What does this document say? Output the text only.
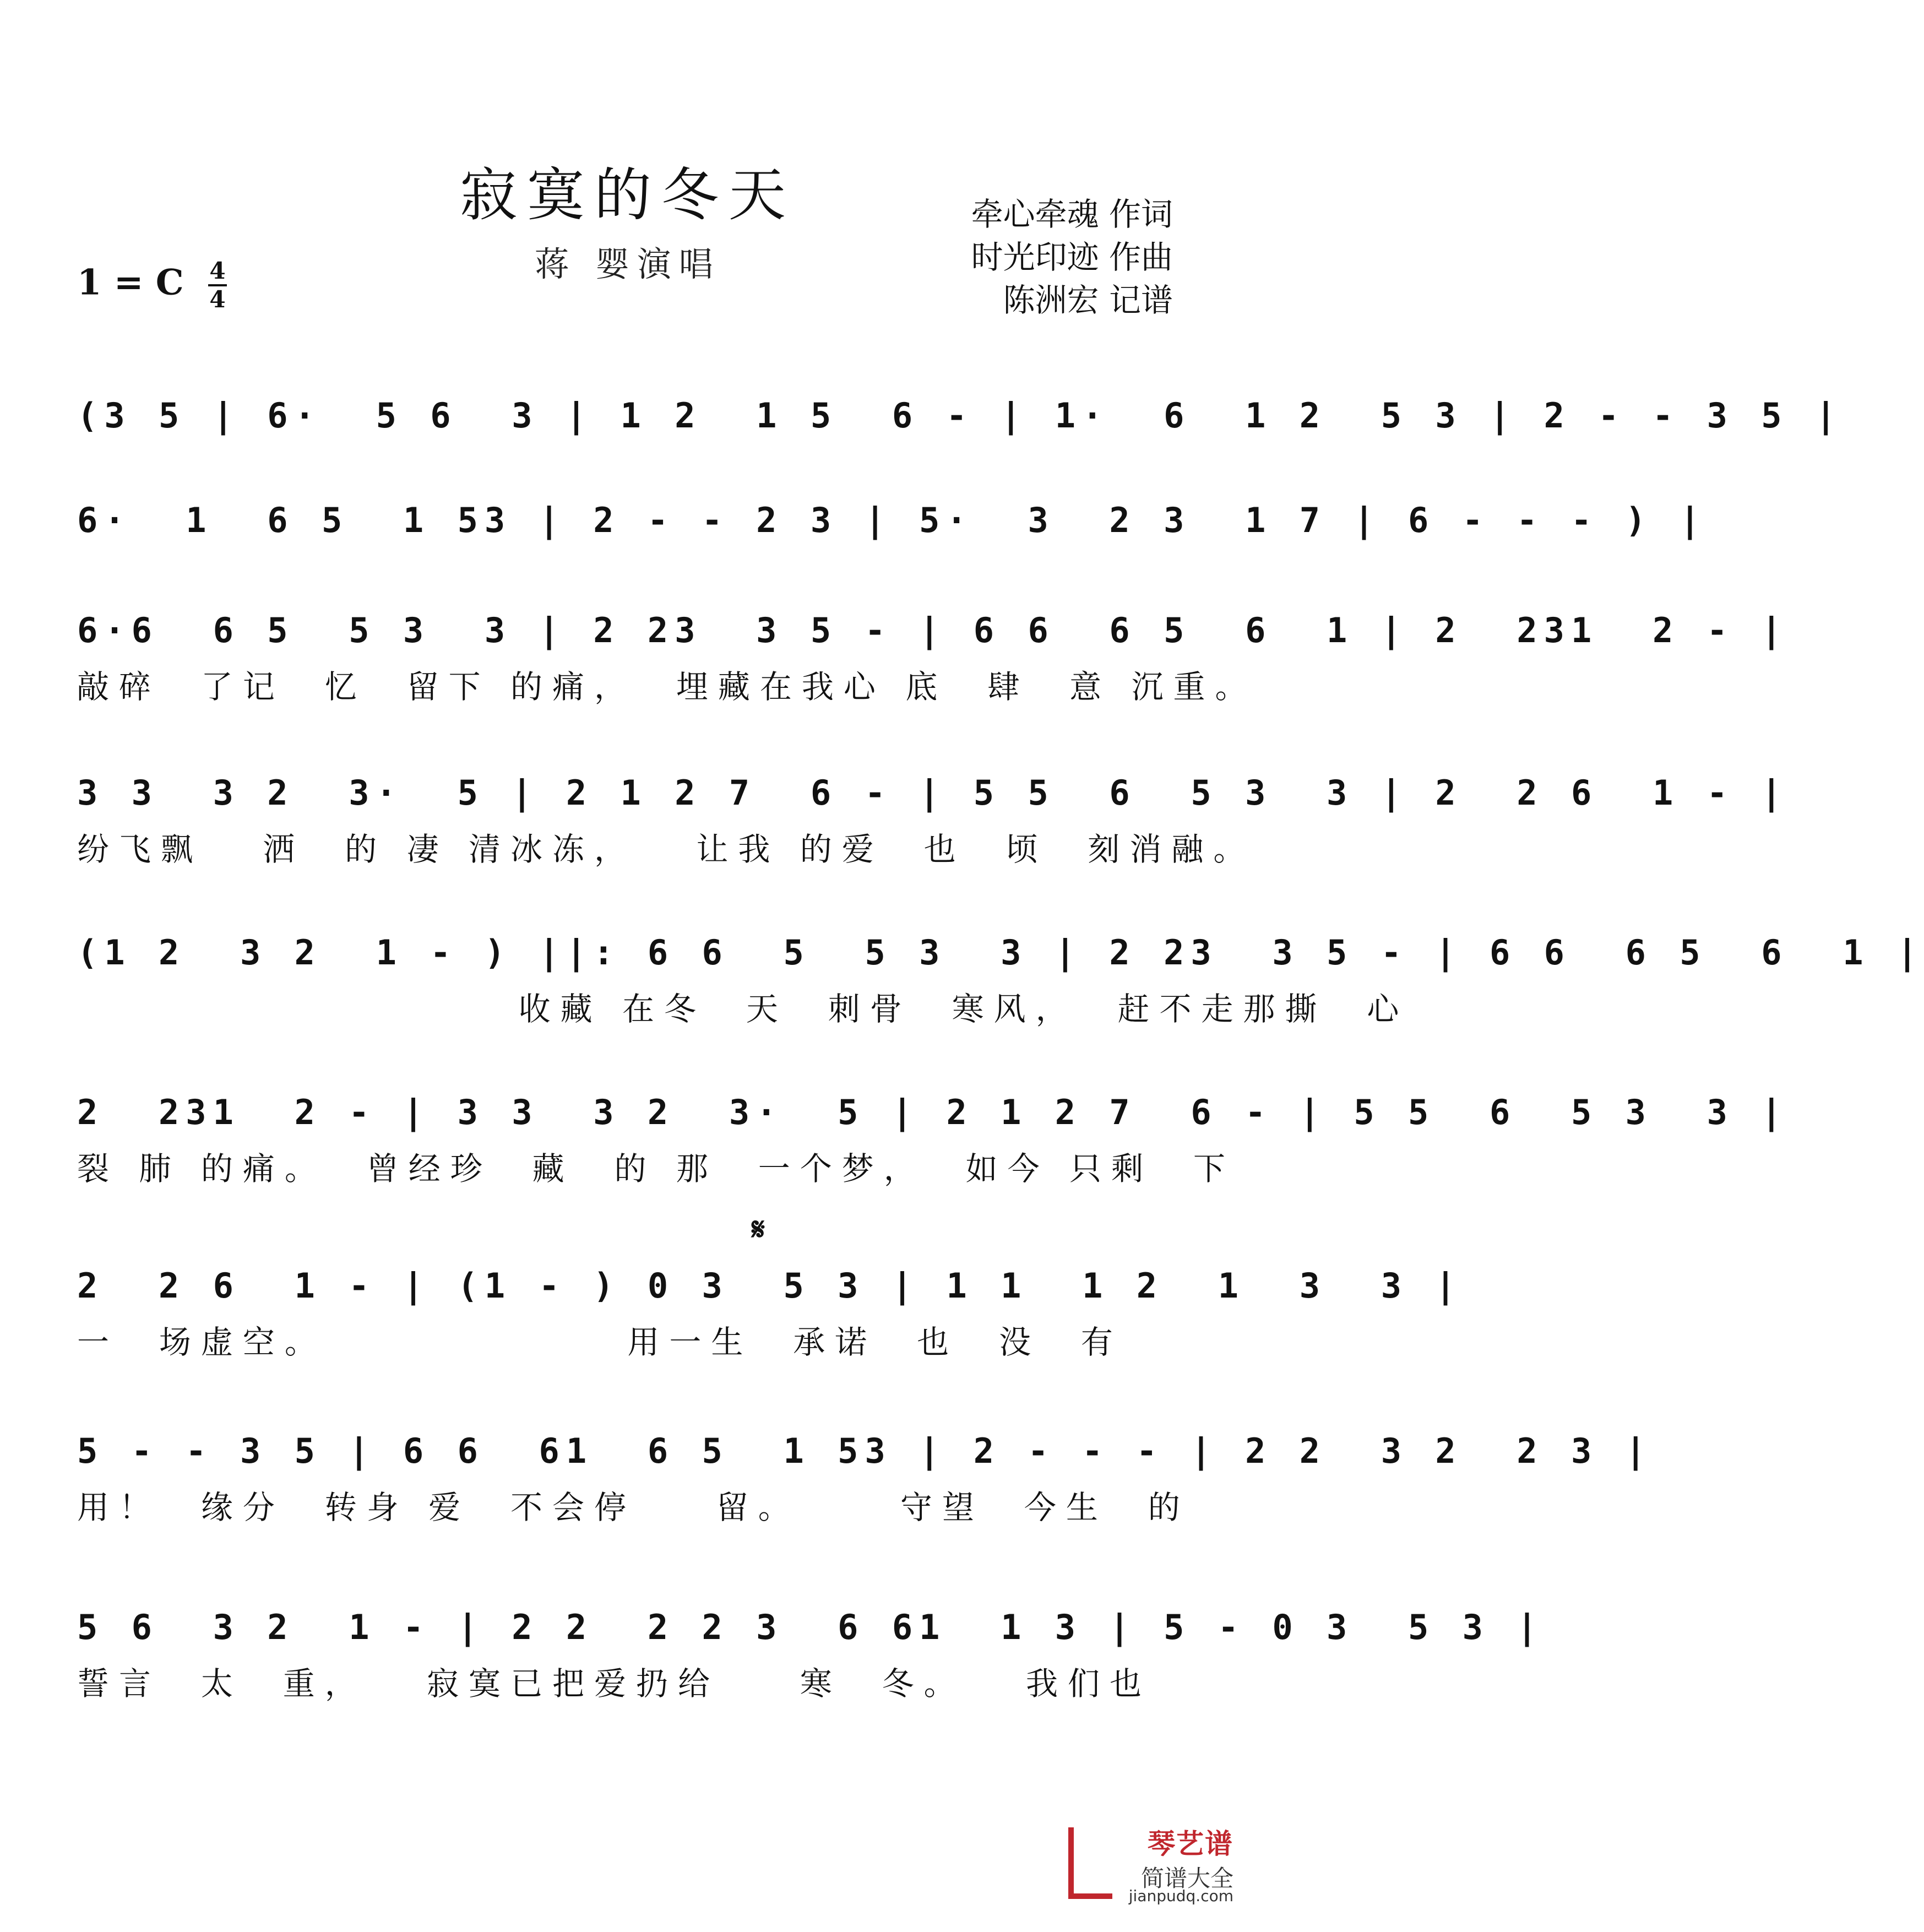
寂寞的冬天
蒋 婴演唱
牵心牵魂 作词
时光印迹 作曲
陈洲宏 记谱
1 = C $\frac{4}{4}$
(3 5 | 6·  5 6  3 | 1 2  1 5  6 - | 1·  6  1 2  5 3 | 2 - - 3 5 |
6·  1  6 5  1 53 | 2 - - 2 3 | 5·  3  2 3  1 7 | 6 - - - ) |
6·6  6 5  5 3  3 | 2 23  3 5 - | 6 6  6 5  6  1 | 2  231  2 - |
敲碎  了记  忆  留下 的痛，  埋藏在我心 底  肆  意 沉重。
3 3  3 2  3·  5 | 2 1 2 7  6 - | 5 5  6  5 3  3 | 2  2 6  1 - |
纷飞飘   洒  的 凄 清冰冻，   让我 的爱  也  顷  刻消融。
(1 2  3 2  1 - ) ||: 6 6  5  5 3  3 | 2 23  3 5 - | 6 6  6 5  6  1 |
收藏 在冬  天  刺骨  寒风，  赶不走那撕  心
2  231  2 - | 3 3  3 2  3·  5 | 2 1 2 7  6 - | 5 5  6  5 3  3 |
裂 肺 的痛。  曾经珍  藏  的 那  一个梦，  如今 只剩  下
𝄋
2  2 6  1 - | (1 - ) 0 3  5 3 | 1 1  1 2  1  3  3 |
一  场虚空。               用一生  承诺  也  没  有
5 - - 3 5 | 6 6  61  6 5  1 53 | 2 - - - | 2 2  3 2  2 3 |
用！  缘分  转身 爱  不会停    留。     守望  今生  的
5 6  3 2  1 - | 2 2  2 2 3  6 61  1 3 | 5 - 0 3  5 3 |
誓言  太  重，   寂寞已把爱扔给    寒  冬。   我们也
琴艺谱
简谱大全
jianpudq.com
